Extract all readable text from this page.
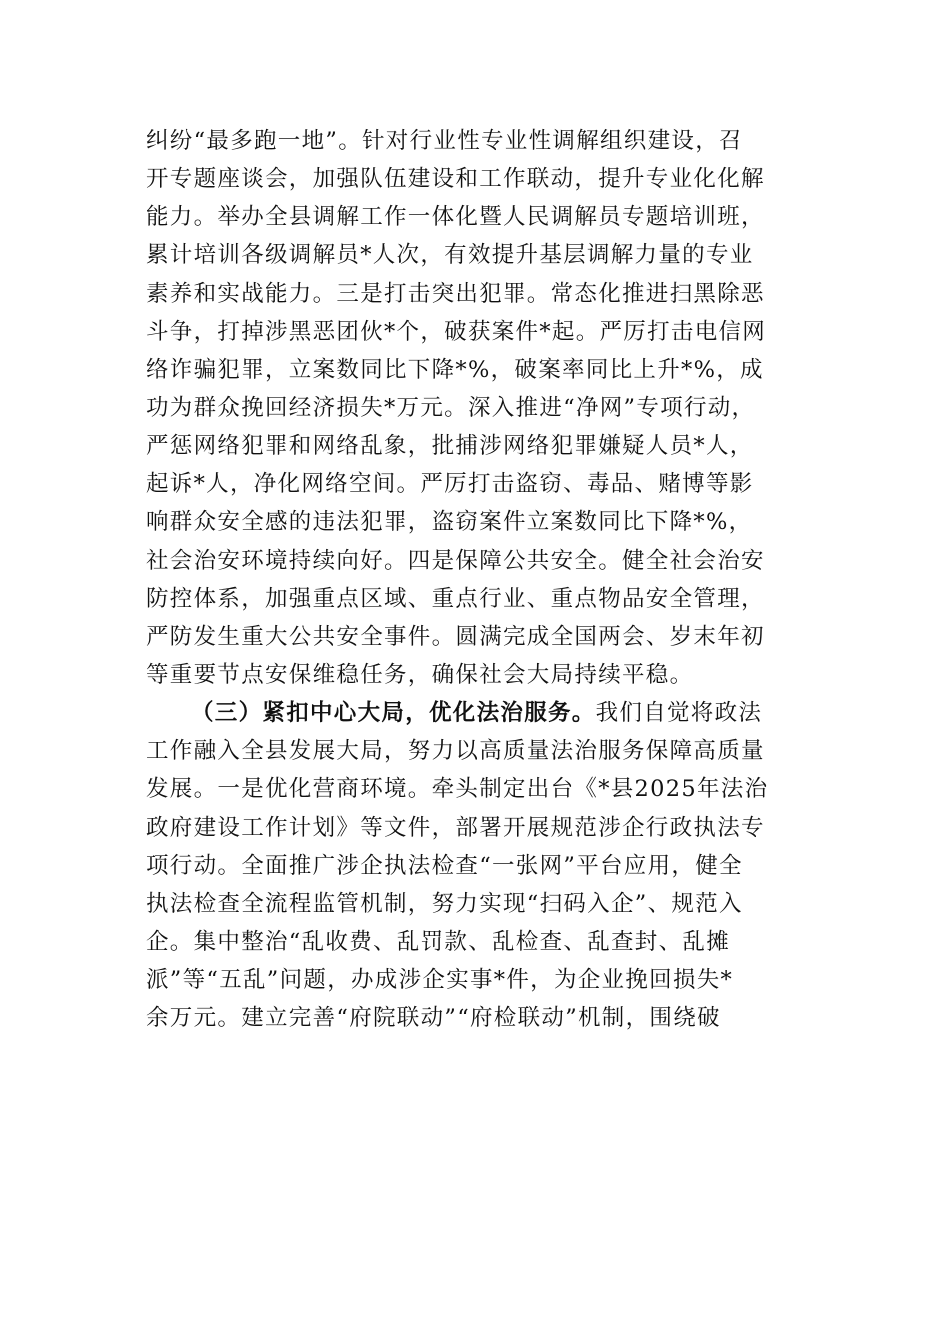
纠纷“最多跑一地”。针对行业性专业性调解组织建设，召
开专题座谈会，加强队伍建设和工作联动，提升专业化化解
能力。举办全县调解工作一体化暨人民调解员专题培训班，
累计培训各级调解员*人次，有效提升基层调解力量的专业
素养和实战能力。三是打击突出犯罪。常态化推进扫黑除恶
斗争，打掉涉黑恶团伙*个，破获案件*起。严厉打击电信网
络诈骗犯罪，立案数同比下降*%，破案率同比上升*%，成
功为群众挽回经济损失*万元。深入推进“净网”专项行动，
严惩网络犯罪和网络乱象，批捕涉网络犯罪嫌疑人员*人，
起诉*人，净化网络空间。严厉打击盗窃、毒品、赌博等影
响群众安全感的违法犯罪，盗窃案件立案数同比下降*%，
社会治安环境持续向好。四是保障公共安全。健全社会治安
防控体系，加强重点区域、重点行业、重点物品安全管理，
严防发生重大公共安全事件。圆满完成全国两会、岁末年初
等重要节点安保维稳任务，确保社会大局持续平稳。
（三）紧扣中心大局，优化法治服务。我们自觉将政法
工作融入全县发展大局，努力以高质量法治服务保障高质量
发展。一是优化营商环境。牵头制定出台《*县2025年法治
政府建设工作计划》等文件，部署开展规范涉企行政执法专
项行动。全面推广涉企执法检查“一张网”平台应用，健全
执法检查全流程监管机制，努力实现“扫码入企”、规范入
企。集中整治“乱收费、乱罚款、乱检查、乱查封、乱摊
派”等“五乱”问题，办成涉企实事*件，为企业挽回损失*
余万元。建立完善“府院联动”“府检联动”机制，围绕破
